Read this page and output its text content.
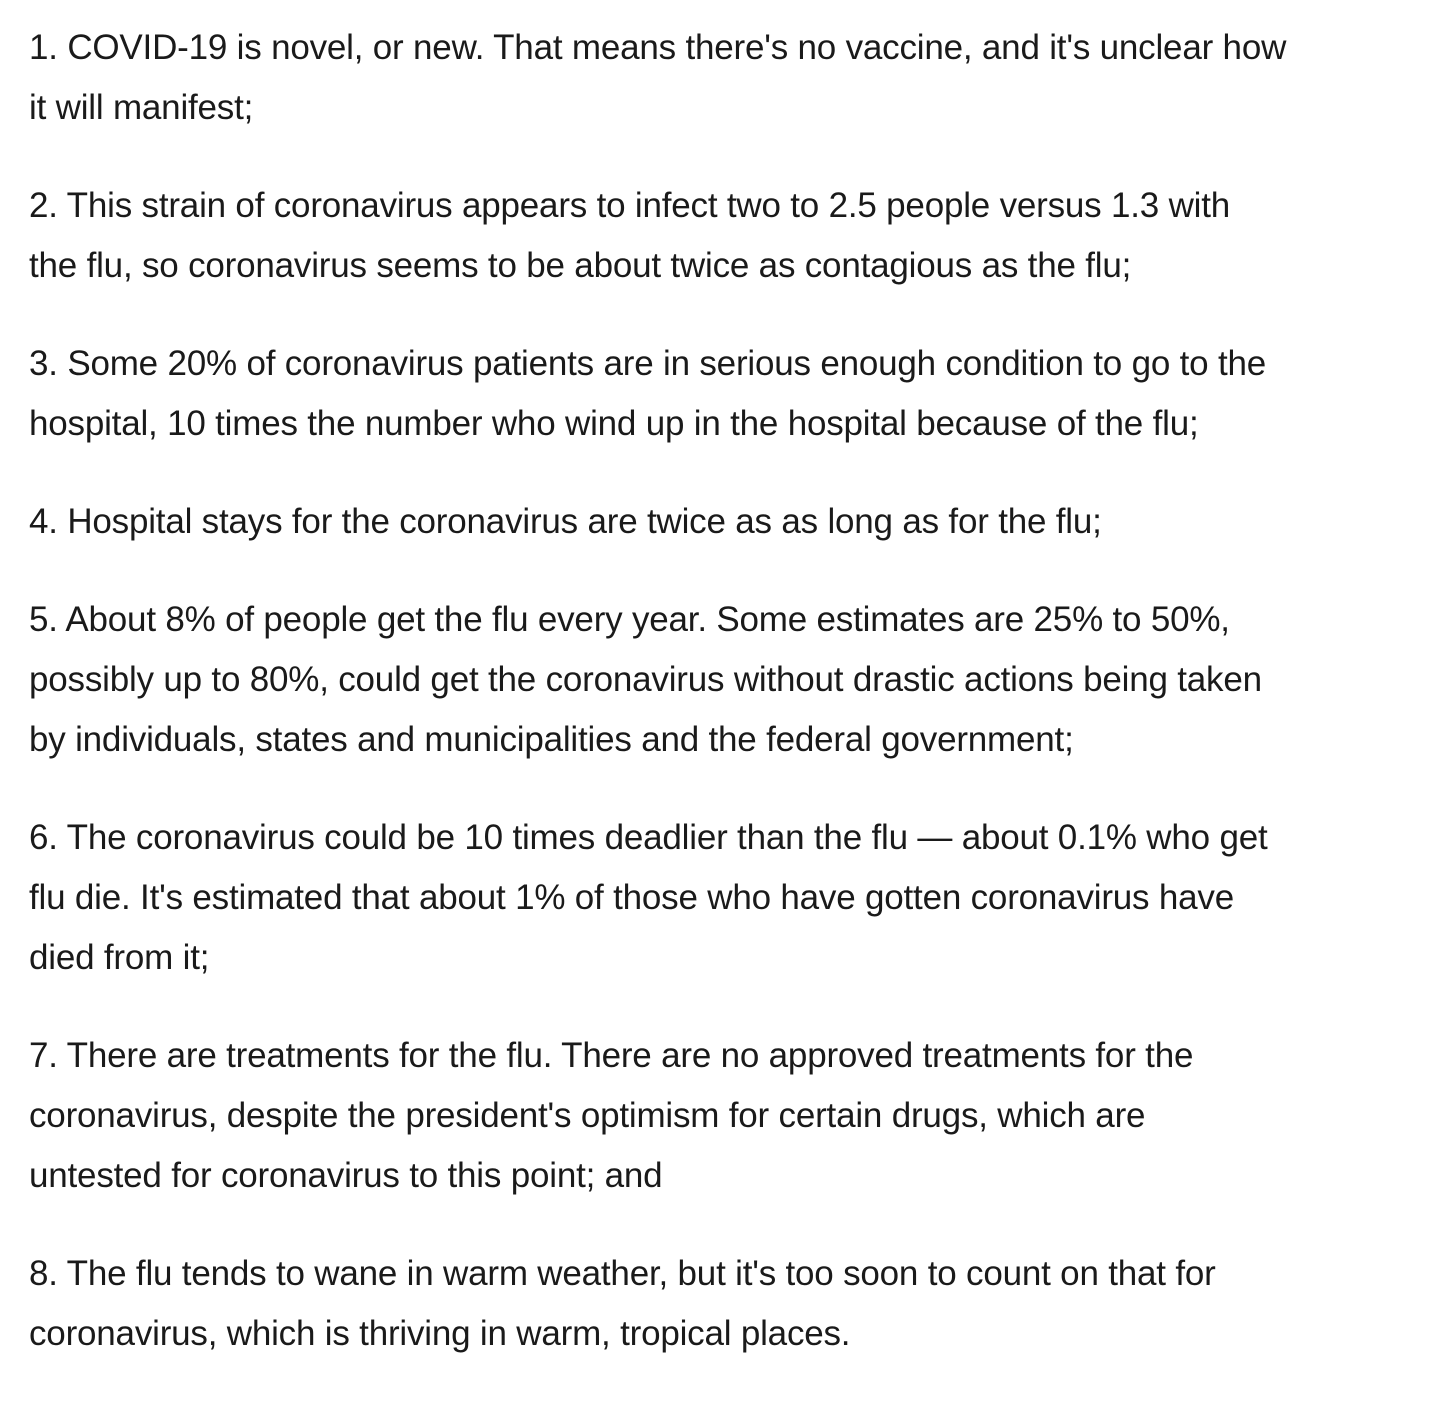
1. COVID-19 is novel, or new. That means there's no vaccine, and it's unclear how
it will manifest;

2. This strain of coronavirus appears to infect two to 2.5 people versus 1.3 with
the flu, so coronavirus seems to be about twice as contagious as the flu;

3. Some 20% of coronavirus patients are in serious enough condition to go to the
hospital, 10 times the number who wind up in the hospital because of the flu;

4. Hospital stays for the coronavirus are twice as as long as for the flu;

5. About 8% of people get the flu every year. Some estimates are 25% to 50%,
possibly up to 80%, could get the coronavirus without drastic actions being taken
by individuals, states and municipalities and the federal government;

6. The coronavirus could be 10 times deadlier than the flu — about 0.1% who get
flu die. It's estimated that about 1% of those who have gotten coronavirus have
died from it;

7. There are treatments for the flu. There are no approved treatments for the
coronavirus, despite the president's optimism for certain drugs, which are
untested for coronavirus to this point; and

8. The flu tends to wane in warm weather, but it's too soon to count on that for
coronavirus, which is thriving in warm, tropical places.
